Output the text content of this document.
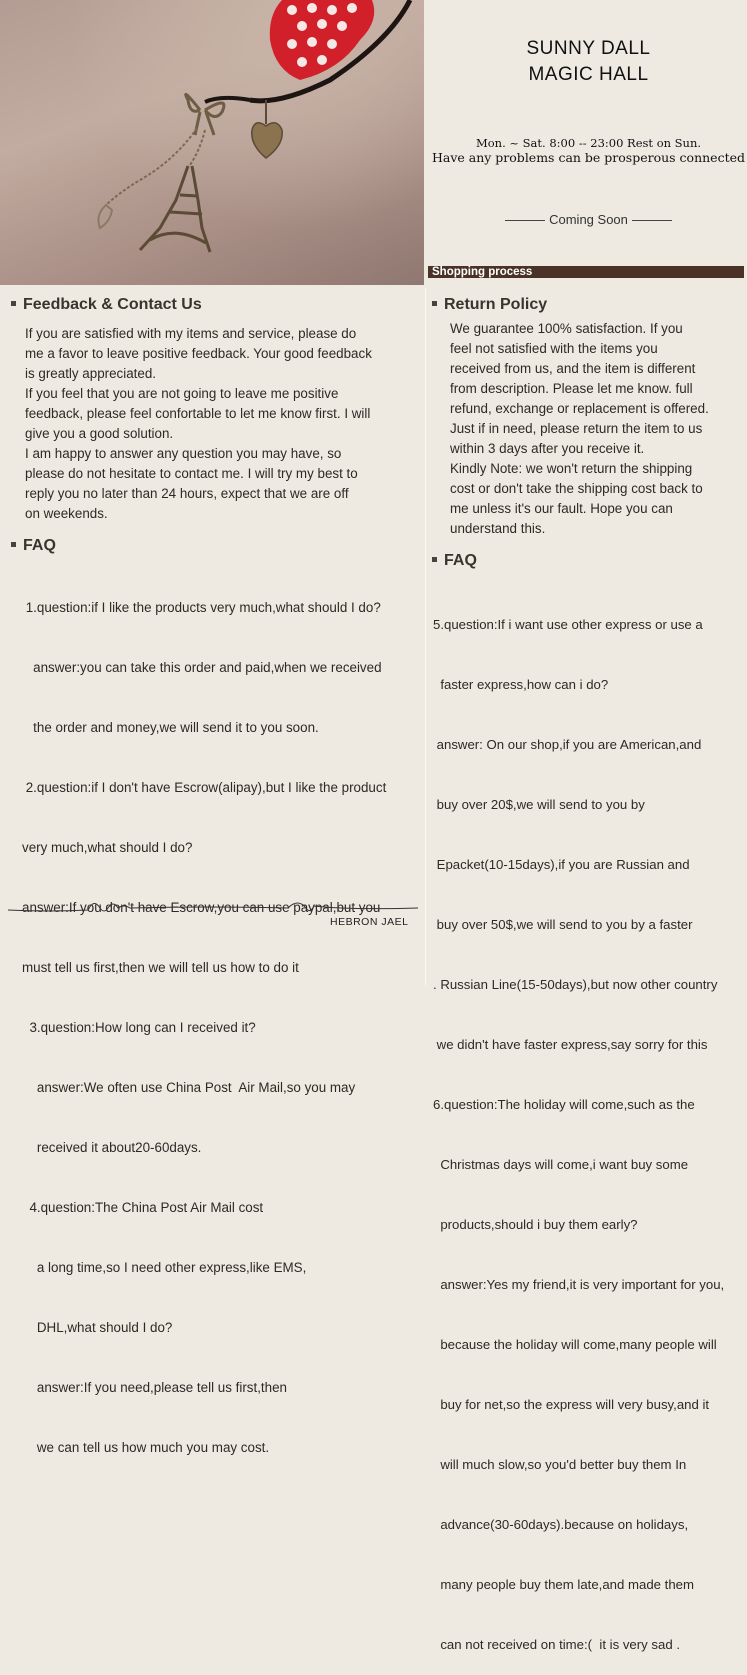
SUNNY DALL
MAGIC HALL
Mon. ~ Sat. 8:00 -- 23:00 Rest on Sun.
Have any problems can be prosperous connected
Coming Soon
Shopping process
Feedback & Contact Us
If you are satisfied with my items and service, please do
me a favor to leave positive feedback. Your good feedback
is greatly appreciated.
If you feel that you are not going to leave me positive
feedback, please feel confortable to let me know first. I will
give you a good solution.
I am happy to answer any question you may have, so
please do not hesitate to contact me. I will try my best to
reply you no later than 24 hours, expect that we are off
on weekends.
FAQ

1.question:if I like the products very much,what should I do?

answer:you can take this order and paid,when we received

the order and money,we will send it to you soon.

2.question:if I don't have Escrow(alipay),but I like the product

very much,what should I do?

answer:If you don't have Escrow,you can use paypal,but you

must tell us first,then we will tell us how to do it

3.question:How long can I received it?

answer:We often use China Post  Air Mail,so you may

received it about20-60days.

4.question:The China Post Air Mail cost

a long time,so I need other express,like EMS,

DHL,what should I do?

answer:If you need,please tell us first,then

we can tell us how much you may cost.

Return Policy
We guarantee 100% satisfaction. If you
feel not satisfied with the items you
received from us, and the item is different
from description. Please let me know. full
refund, exchange or replacement is offered.
Just if in need, please return the item to us
within 3 days after you receive it.
Kindly Note: we won't return the shipping
cost or don't take the shipping cost back to
me unless it's our fault. Hope you can
understand this.
FAQ

5.question:If i want use other express or use a

faster express,how can i do?

answer: On our shop,if you are American,and

buy over 20$,we will send to you by

Epacket(10-15days),if you are Russian and

buy over 50$,we will send to you by a faster

. Russian Line(15-50days),but now other country

we didn't have faster express,say sorry for this

6.question:The holiday will come,such as the

Christmas days will come,i want buy some

products,should i buy them early?

answer:Yes my friend,it is very important for you,

because the holiday will come,many people will

buy for net,so the express will very busy,and it

will much slow,so you'd better buy them In

advance(30-60days).because on holidays,

many people buy them late,and made them

can not received on time:(  it is very sad .

HEBRON JAEL
